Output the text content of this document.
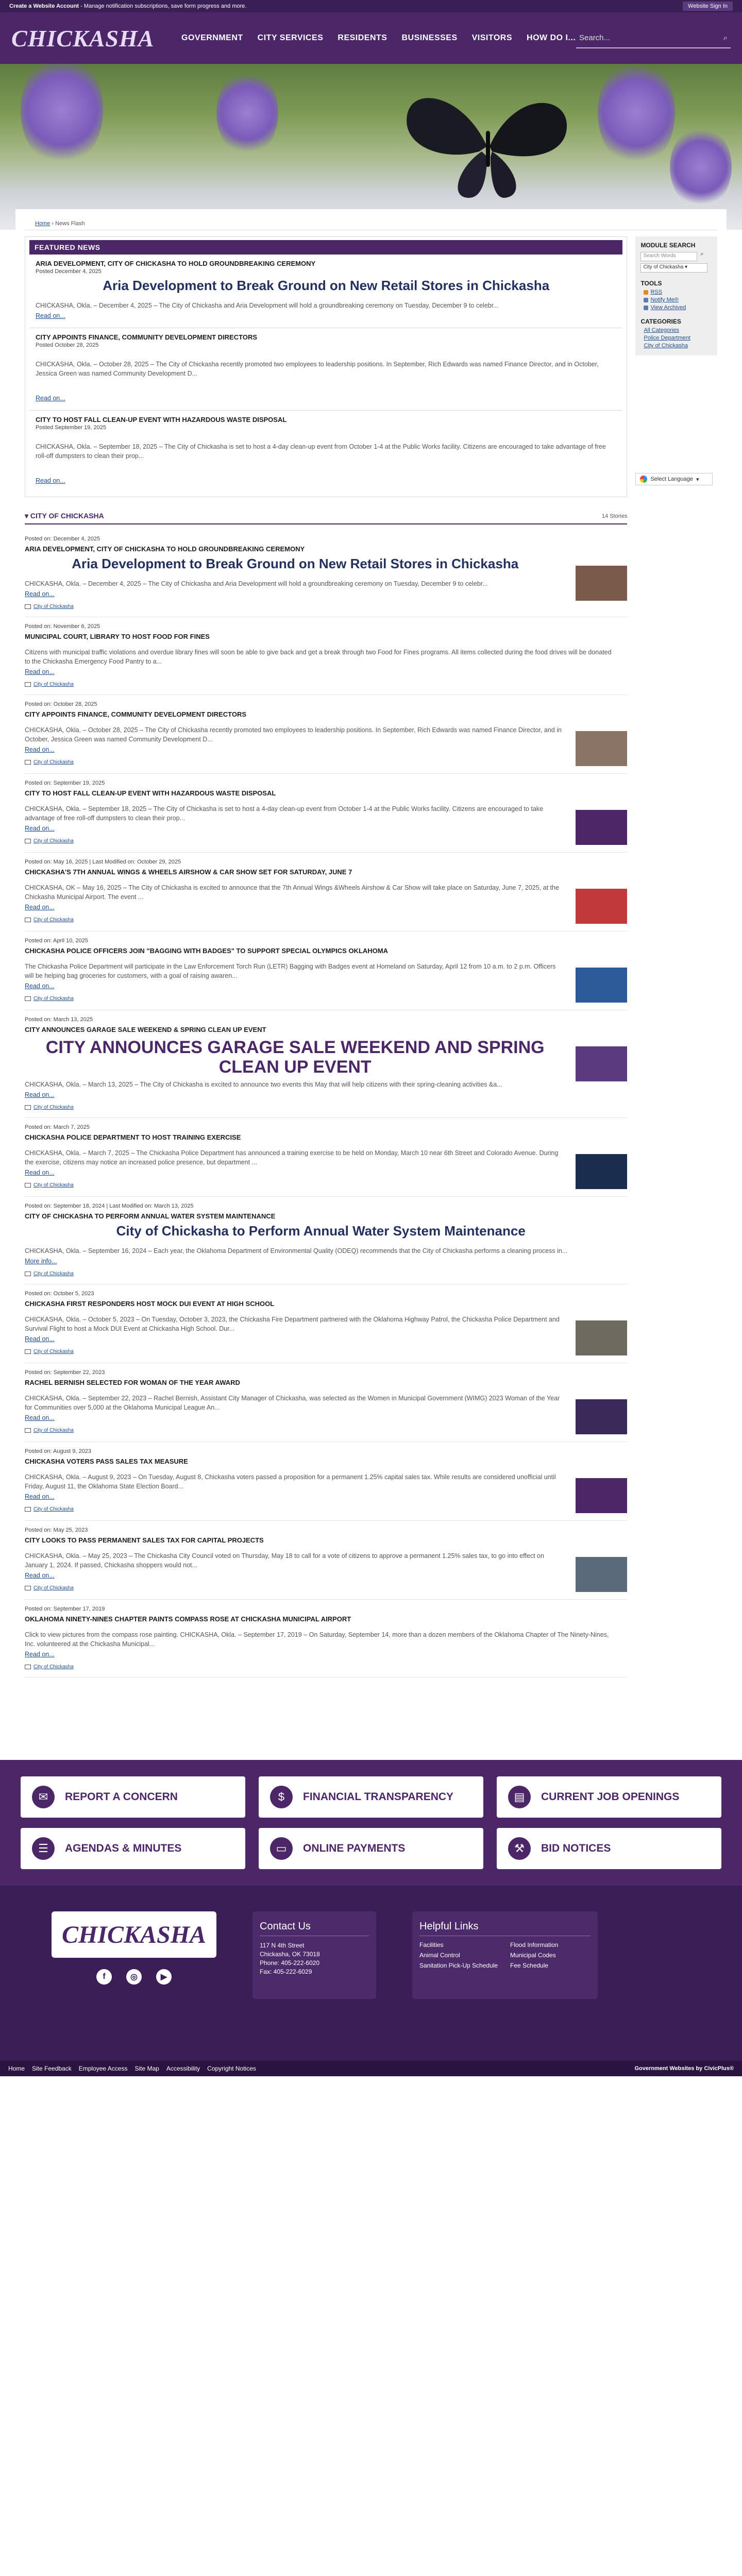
Create a Website Account - Manage notification subscriptions, save form progress and more.	Website Sign In
CHICKASHA	GOVERNMENT CITY SERVICES RESIDENTS BUSINESSES VISITORS HOW DO I... Search...	⌕
Home › News Flash
FEATURED NEWS
ARIA DEVELOPMENT, CITY OF CHICKASHA TO HOLD GROUNDBREAKING CEREMONY
Posted December 4, 2025
Aria Development to Break Ground on New Retail Stores in Chickasha
CHICKASHA, Okla. – December 4, 2025 – The City of Chickasha and Aria Development will hold a groundbreaking ceremony on Tuesday, December 9 to celebr...
Read on...
CITY APPOINTS FINANCE, COMMUNITY DEVELOPMENT DIRECTORS
Posted October 28, 2025
CHICKASHA, Okla. – October 28, 2025 – The City of Chickasha recently promoted two employees to leadership positions. In September, Rich Edwards was named Finance Director, and in October, Jessica Green was named Community Development D...
Read on...
CITY TO HOST FALL CLEAN-UP EVENT WITH HAZARDOUS WASTE DISPOSAL
Posted September 19, 2025
CHICKASHA, Okla. – September 18, 2025 – The City of Chickasha is set to host a 4-day clean-up event from October 1-4 at the Public Works facility. Citizens are encouraged to take advantage of free roll-off dumpsters to clean their prop...
Read on...
▾ CITY OF CHICKASHA	14 Stories
Posted on: December 4, 2025
ARIA DEVELOPMENT, CITY OF CHICKASHA TO HOLD GROUNDBREAKING CEREMONY
Aria Development to Break Ground on New Retail Stores in Chickasha
CHICKASHA, Okla. – December 4, 2025 – The City of Chickasha and Aria Development will hold a groundbreaking ceremony on Tuesday, December 9 to celebr...
Read on...
City of Chickasha
Posted on: November 6, 2025
MUNICIPAL COURT, LIBRARY TO HOST FOOD FOR FINES
Citizens with municipal traffic violations and overdue library fines will soon be able to give back and get a break through two Food for Fines programs. All items collected during the food drives will be donated to the Chickasha Emergency Food Pantry to a...
Read on...
City of Chickasha
Posted on: October 28, 2025
CITY APPOINTS FINANCE, COMMUNITY DEVELOPMENT DIRECTORS
CHICKASHA, Okla. – October 28, 2025 – The City of Chickasha recently promoted two employees to leadership positions. In September, Rich Edwards was named Finance Director, and in October, Jessica Green was named Community Development D...
Read on...
City of Chickasha
Posted on: September 19, 2025
CITY TO HOST FALL CLEAN-UP EVENT WITH HAZARDOUS WASTE DISPOSAL
CHICKASHA, Okla. – September 18, 2025 – The City of Chickasha is set to host a 4-day clean-up event from October 1-4 at the Public Works facility. Citizens are encouraged to take advantage of free roll-off dumpsters to clean their prop...
Read on...
City of Chickasha
Posted on: May 16, 2025 | Last Modified on: October 29, 2025
CHICKASHA'S 7TH ANNUAL WINGS & WHEELS AIRSHOW & CAR SHOW SET FOR SATURDAY, JUNE 7
CHICKASHA, OK – May 16, 2025 – The City of Chickasha is excited to announce that the 7th Annual Wings &Wheels Airshow & Car Show will take place on Saturday, June 7, 2025, at the Chickasha Municipal Airport. The event ...
Read on...
City of Chickasha
Posted on: April 10, 2025
CHICKASHA POLICE OFFICERS JOIN "BAGGING WITH BADGES" TO SUPPORT SPECIAL OLYMPICS OKLAHOMA
The Chickasha Police Department will participate in the Law Enforcement Torch Run (LETR) Bagging with Badges event at Homeland on Saturday, April 12 from 10 a.m. to 2 p.m. Officers will be helping bag groceries for customers, with a goal of raising awaren...
Read on...
City of Chickasha
Posted on: March 13, 2025
CITY ANNOUNCES GARAGE SALE WEEKEND & SPRING CLEAN UP EVENT
CITY ANNOUNCES GARAGE SALE WEEKEND AND SPRING CLEAN UP EVENT
CHICKASHA, Okla. – March 13, 2025 – The City of Chickasha is excited to announce two events this May that will help citizens with their spring-cleaning activities &a...
Read on...
City of Chickasha
Posted on: March 7, 2025
CHICKASHA POLICE DEPARTMENT TO HOST TRAINING EXERCISE
CHICKASHA, Okla. – March 7, 2025 – The Chickasha Police Department has announced a training exercise to be held on Monday, March 10 near 6th Street and Colorado Avenue. During the exercise, citizens may notice an increased police presence, but department ...
Read on...
City of Chickasha
Posted on: September 18, 2024 | Last Modified on: March 13, 2025
CITY OF CHICKASHA TO PERFORM ANNUAL WATER SYSTEM MAINTENANCE
City of Chickasha to Perform Annual Water System Maintenance
CHICKASHA, Okla. – September 16, 2024 – Each year, the Oklahoma Department of Environmental Quality (ODEQ) recommends that the City of Chickasha performs a cleaning process in...
More info...
City of Chickasha
Posted on: October 5, 2023
CHICKASHA FIRST RESPONDERS HOST MOCK DUI EVENT AT HIGH SCHOOL
CHICKASHA, Okla. – October 5, 2023 – On Tuesday, October 3, 2023, the Chickasha Fire Department partnered with the Oklahoma Highway Patrol, the Chickasha Police Department and Survival Flight to host a Mock DUI Event at Chickasha High School. Dur...
Read on...
City of Chickasha
Posted on: September 22, 2023
RACHEL BERNISH SELECTED FOR WOMAN OF THE YEAR AWARD
CHICKASHA, Okla. – September 22, 2023 – Rachel Bernish, Assistant City Manager of Chickasha, was selected as the Women in Municipal Government (WIMG) 2023 Woman of the Year for Communities over 5,000 at the Oklahoma Municipal League An...
Read on...
City of Chickasha
Posted on: August 9, 2023
CHICKASHA VOTERS PASS SALES TAX MEASURE
CHICKASHA, Okla. – August 9, 2023 – On Tuesday, August 8, Chickasha voters passed a proposition for a permanent 1.25% capital sales tax. While results are considered unofficial until Friday, August 11, the Oklahoma State Election Board...
Read on...
City of Chickasha
Posted on: May 25, 2023
CITY LOOKS TO PASS PERMANENT SALES TAX FOR CAPITAL PROJECTS
CHICKASHA, Okla. – May 25, 2023 – The Chickasha City Council voted on Thursday, May 18 to call for a vote of citizens to approve a permanent 1.25% sales tax, to go into effect on January 1, 2024. If passed, Chickasha shoppers would not...
Read on...
City of Chickasha
Posted on: September 17, 2019
OKLAHOMA NINETY-NINES CHAPTER PAINTS COMPASS ROSE AT CHICKASHA MUNICIPAL AIRPORT
Click to view pictures from the compass rose painting. CHICKASHA, Okla. – September 17, 2019 – On Saturday, September 14, more than a dozen members of the Oklahoma Chapter of The Ninety-Nines, Inc. volunteered at the Chickasha Municipal...
Read on...
City of Chickasha
MODULE SEARCH
Search Words	⌕
City of Chickasha ▾
TOOLS
RSS
Notify Me®
View Archived
CATEGORIES
All Categories
Police Department
City of Chickasha
Select Language ▾
✉	REPORT A CONCERN	$	FINANCIAL TRANSPARENCY	▤	CURRENT JOB OPENINGS
☰	AGENDAS & MINUTES	▭	ONLINE PAYMENTS	⚒	BID NOTICES
CHICKASHA
f	◎	▶
Contact Us
117 N 4th Street
Chickasha, OK 73018
Phone: 405-222-6020
Fax: 405-222-6029
Helpful Links
Facilities	Flood Information
Animal Control	Municipal Codes
Sanitation Pick-Up Schedule	Fee Schedule
Home Site Feedback Employee Access Site Map Accessibility Copyright Notices	Government Websites by CivicPlus®
